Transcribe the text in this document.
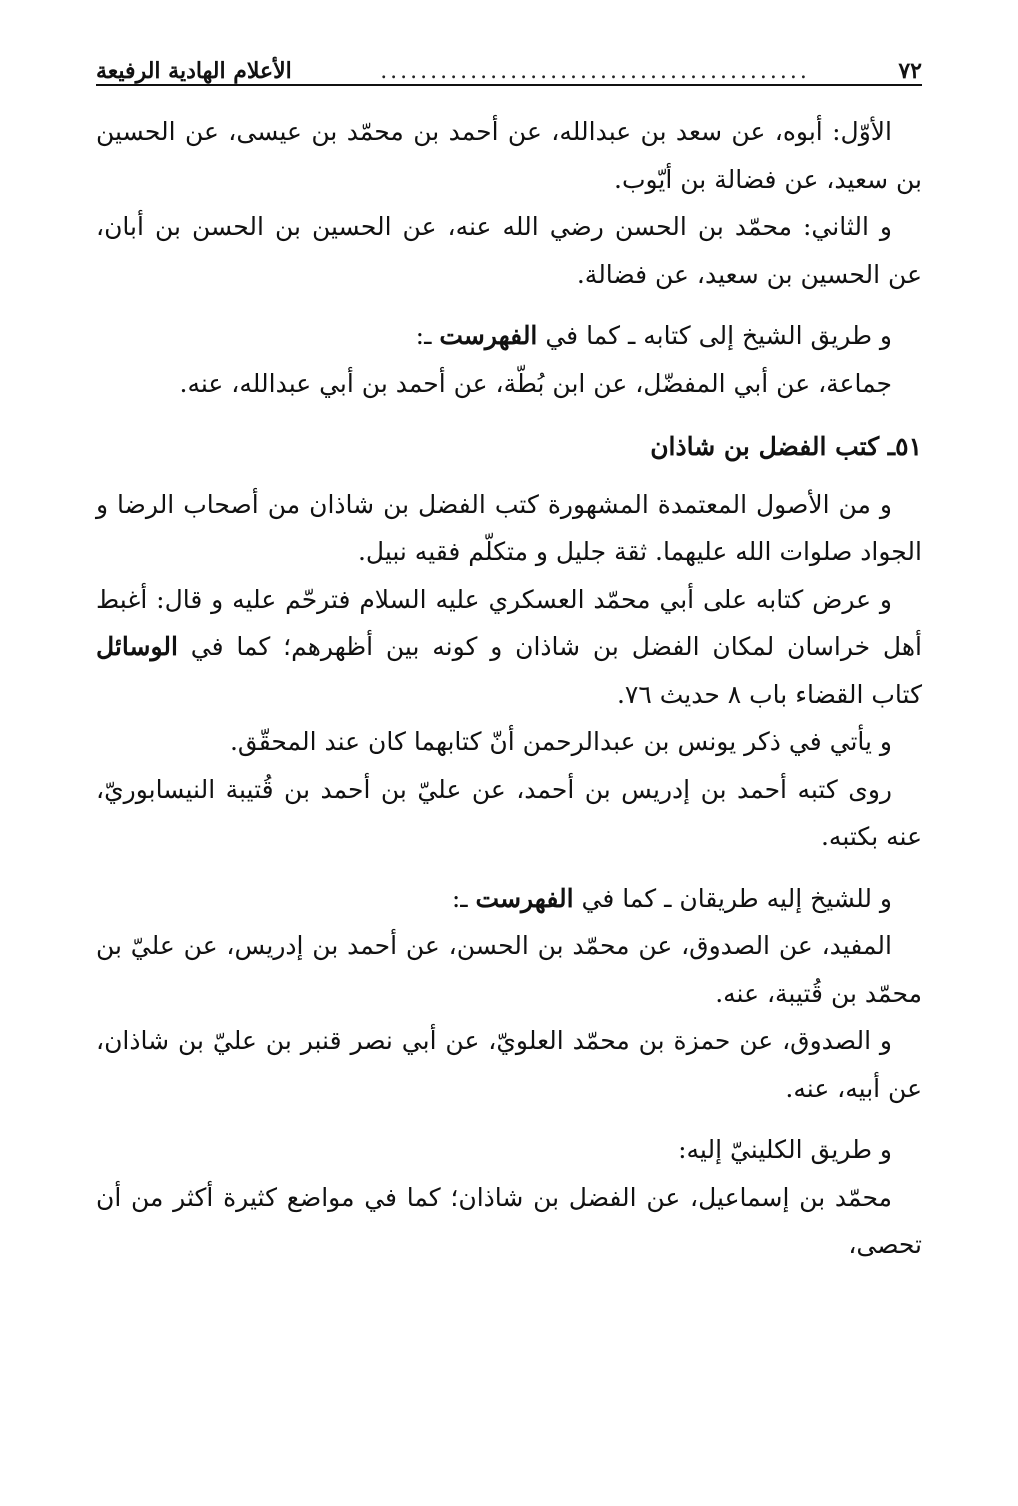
٧٢
...........................................
الأعلام الهادية الرفيعة

الأوّل: أبوه، عن سعد بن عبدالله، عن أحمد بن محمّد بن عيسى، عن الحسين بن سعيد، عن فضالة بن أيّوب.

و الثاني: محمّد بن الحسن رضي الله عنه، عن الحسين بن الحسن بن أبان، عن الحسين بن سعيد، عن فضالة.

و طريق الشيخ إلى كتابه ـ كما في الفهرست ـ:

جماعة، عن أبي المفضّل، عن ابن بُطّة، عن أحمد بن أبي عبدالله، عنه.

٥١ـ كتب الفضل بن شاذان

و من الأصول المعتمدة المشهورة كتب الفضل بن شاذان من أصحاب الرضا و الجواد صلوات الله عليهما. ثقة جليل و متكلّم فقيه نبيل.

و عرض كتابه على أبي محمّد العسكري عليه السلام فترحّم عليه و قال: أغبط أهل خراسان لمكان الفضل بن شاذان و كونه بين أظهرهم؛ كما في الوسائل كتاب القضاء باب ٨ حديث ٧٦.

و يأتي في ذكر يونس بن عبدالرحمن أنّ كتابهما كان عند المحقّق.

روى كتبه أحمد بن إدريس بن أحمد، عن عليّ بن أحمد بن قُتيبة النيسابوريّ، عنه بكتبه.

و للشيخ إليه طريقان ـ كما في الفهرست ـ:

المفيد، عن الصدوق، عن محمّد بن الحسن، عن أحمد بن إدريس، عن عليّ بن محمّد بن قُتيبة، عنه.

و الصدوق، عن حمزة بن محمّد العلويّ، عن أبي نصر قنبر بن عليّ بن شاذان، عن أبيه، عنه.

و طريق الكلينيّ إليه:

محمّد بن إسماعيل، عن الفضل بن شاذان؛ كما في مواضع كثيرة أكثر من أن تحصى،
